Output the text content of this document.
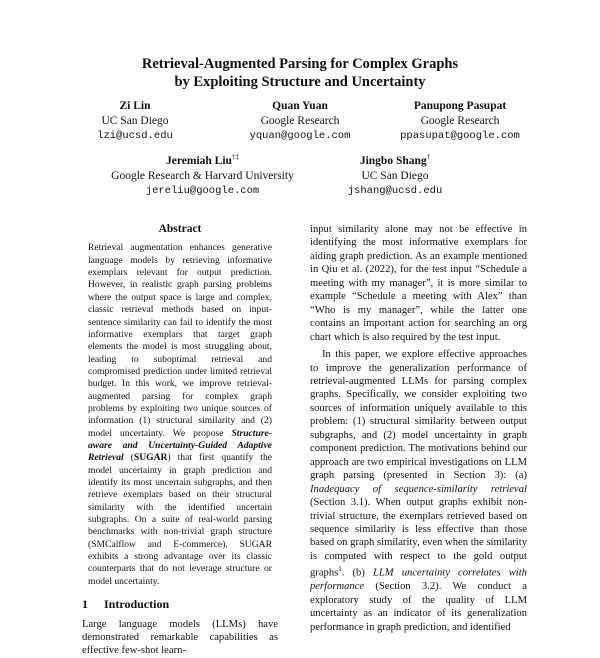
Retrieval-Augmented Parsing for Complex Graphs
by Exploiting Structure and Uncertainty
Zi Lin
UC San Diego
lzi@ucsd.edu
Quan Yuan
Google Research
yquan@google.com
Panupong Pasupat
Google Research
ppasupat@google.com
Jeremiah Liu†‡
Google Research & Harvard University
jereliu@google.com
Jingbo Shang†
UC San Diego
jshang@ucsd.edu
Abstract

Retrieval augmentation enhances generative language models by retrieving informative exemplars relevant for output prediction. However, in realistic graph parsing problems where the output space is large and complex, classic retrieval methods based on input-sentence similarity can fail to identify the most informative exemplars that target graph elements the model is most struggling about, leading to suboptimal retrieval and compromised prediction under limited retrieval budget. In this work, we improve retrieval-augmented parsing for complex graph problems by exploiting two unique sources of information (1) structural similarity and (2) model uncertainty. We propose Structure-aware and Uncertainty-Guided Adaptive Retrieval (SUGAR) that first quantify the model uncertainty in graph prediction and identify its most uncertain subgraphs, and then retrieve exemplars based on their structural similarity with the identified uncertain subgraphs. On a suite of real-world parsing benchmarks with non-trivial graph structure (SMCalflow and E-commerce), SUGAR exhibits a strong advantage over its classic counterparts that do not leverage structure or model uncertainty.

1 Introduction

Large language models (LLMs) have demonstrated remarkable capabilities as effective few-shot learn-

input similarity alone may not be effective in identifying the most informative exemplars for aiding graph prediction. As an example mentioned in Qiu et al. (2022), for the test input “Schedule a meeting with my manager”, it is more similar to example “Schedule a meeting with Alex” than “Who is my manager”, while the latter one contains an important action for searching an org chart which is also required by the test input.

In this paper, we explore effective approaches to improve the generalization performance of retrieval-augmented LLMs for parsing complex graphs. Specifically, we consider exploiting two sources of information uniquely available to this problem: (1) structural similarity between output subgraphs, and (2) model uncertainty in graph component prediction. The motivations behind our approach are two empirical investigations on LLM graph parsing (presented in Section 3): (a) Inadequacy of sequence-similarity retrieval (Section 3.1). When output graphs exhibit non-trivial structure, the exemplars retrieved based on sequence similarity is less effective than those based on graph similarity, even when the similarity is computed with respect to the gold output graphs$^1$. (b) LLM uncertainty correlates with performance (Section 3.2). We conduct a exploratory study of the quality of LLM uncertainty as an indicator of its generalization performance in graph prediction, and identified
